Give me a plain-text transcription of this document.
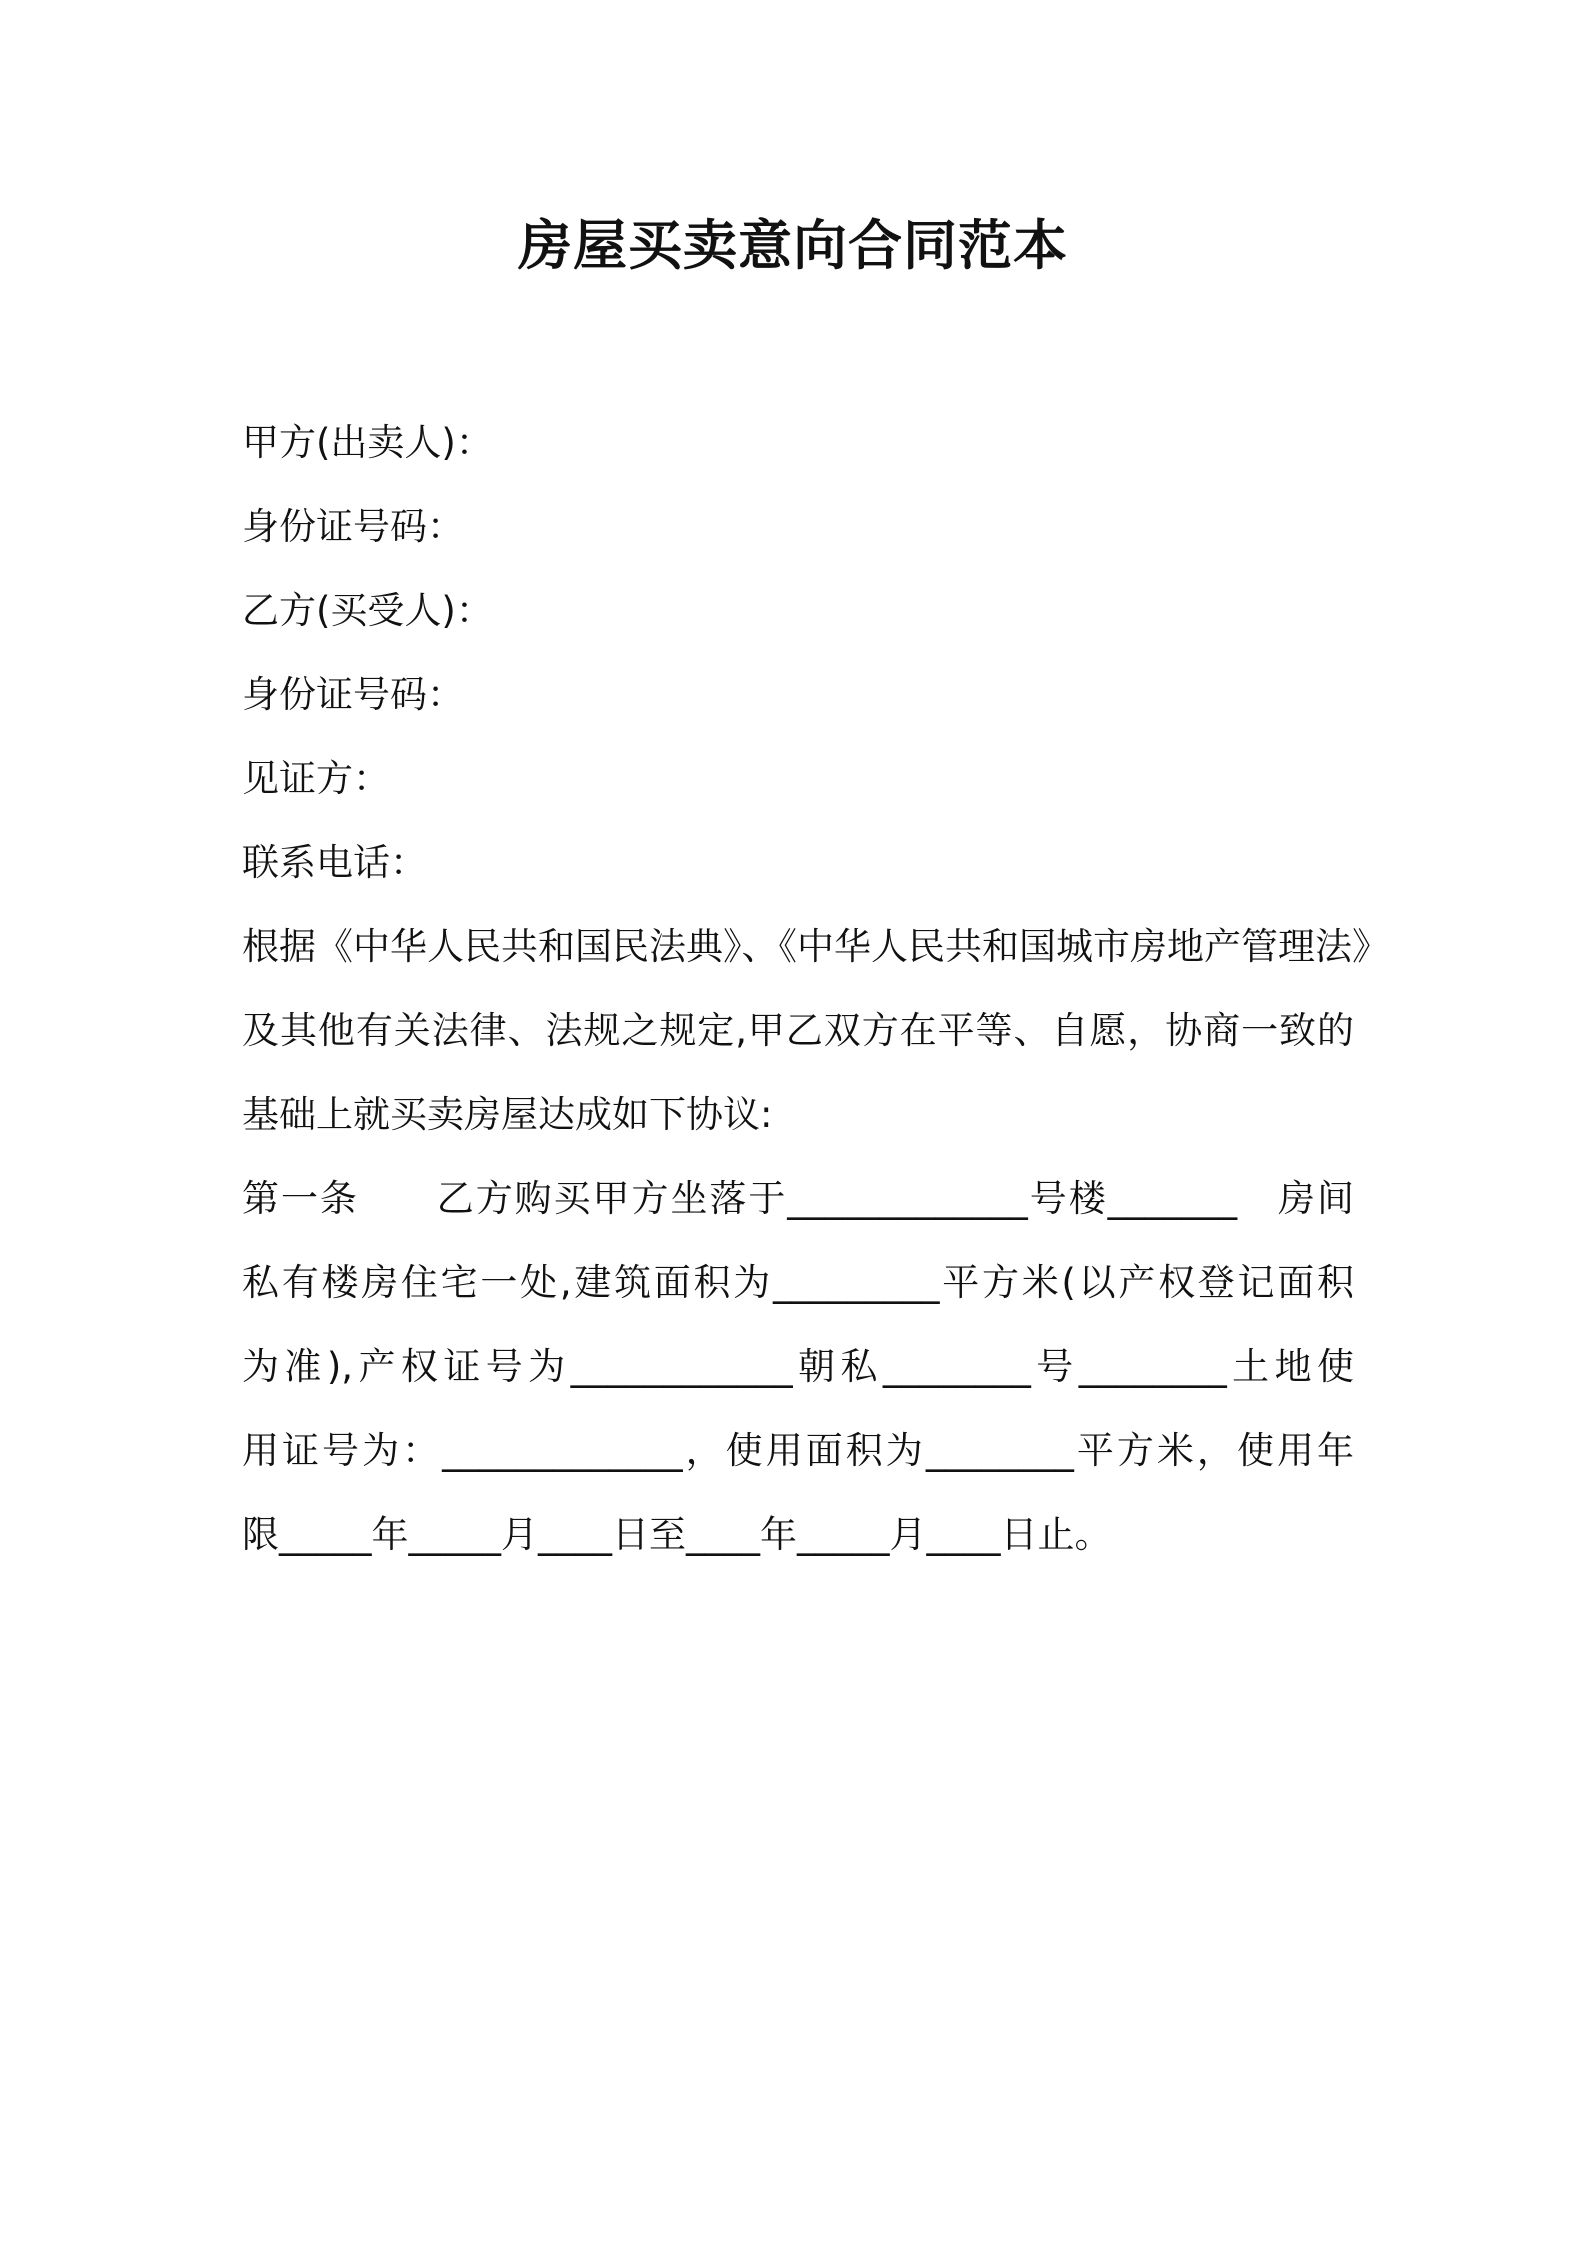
房屋买卖意向合同范本
甲方(出卖人)：
身份证号码：
乙方(买受人)：
身份证号码：
见证方：
联系电话：
根据《中华人民共和国民法典》、《中华人民共和国城市房地产管理法》
及其他有关法律、法规之规定,甲乙双方在平等、自愿，协商一致的
基础上就买卖房屋达成如下协议:
第一条　　乙方购买甲方坐落于_____________号楼_______　房间
私有楼房住宅一处,建筑面积为_________平方米(以产权登记面积
为准),产权证号为____________朝私________号________土地使
用证号为：_____________，使用面积为________平方米，使用年
限_____年_____月____日至____年_____月____日止。
